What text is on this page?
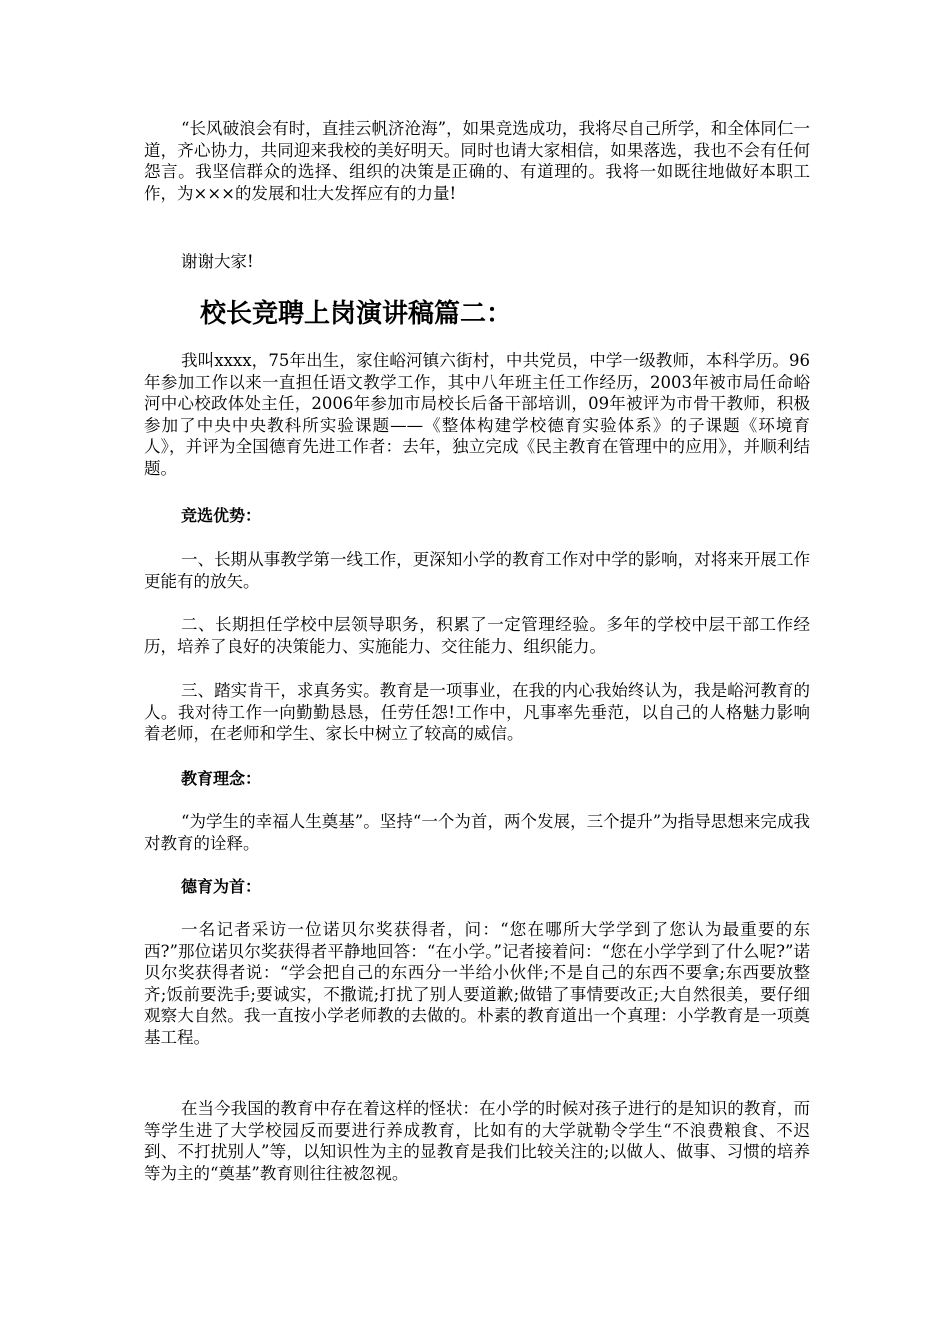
“长风破浪会有时，直挂云帆济沧海”，如果竞选成功，我将尽自己所学，和全体同仁一道，齐心协力，共同迎来我校的美好明天。同时也请大家相信，如果落选，我也不会有任何怨言。我坚信群众的选择、组织的决策是正确的、有道理的。我将一如既往地做好本职工作，为×××的发展和壮大发挥应有的力量!

谢谢大家!

校长竞聘上岗演讲稿篇二：

我叫xxxx，75年出生，家住峪河镇六街村，中共党员，中学一级教师，本科学历。96年参加工作以来一直担任语文教学工作，其中八年班主任工作经历，2003年被市局任命峪河中心校政体处主任，2006年参加市局校长后备干部培训，09年被评为市骨干教师，积极参加了中央中央教科所实验课题——《整体构建学校德育实验体系》的子课题《环境育人》，并评为全国德育先进工作者：去年，独立完成《民主教育在管理中的应用》，并顺利结题。

竞选优势：

一、长期从事教学第一线工作，更深知小学的教育工作对中学的影响，对将来开展工作更能有的放矢。

二、长期担任学校中层领导职务，积累了一定管理经验。多年的学校中层干部工作经历，培养了良好的决策能力、实施能力、交往能力、组织能力。

三、踏实肯干，求真务实。教育是一项事业，在我的内心我始终认为，我是峪河教育的人。我对待工作一向勤勤恳恳，任劳任怨!工作中，凡事率先垂范，以自己的人格魅力影响着老师，在老师和学生、家长中树立了较高的威信。

教育理念：

“为学生的幸福人生奠基”。坚持“一个为首，两个发展，三个提升”为指导思想来完成我对教育的诠释。

德育为首：

一名记者采访一位诺贝尔奖获得者，问：“您在哪所大学学到了您认为最重要的东西?”那位诺贝尔奖获得者平静地回答：“在小学。”记者接着问：“您在小学学到了什么呢?”诺贝尔奖获得者说：“学会把自己的东西分一半给小伙伴;不是自己的东西不要拿;东西要放整齐;饭前要洗手;要诚实，不撒谎;打扰了别人要道歉;做错了事情要改正;大自然很美，要仔细观察大自然。我一直按小学老师教的去做的。朴素的教育道出一个真理：小学教育是一项奠基工程。

在当今我国的教育中存在着这样的怪状：在小学的时候对孩子进行的是知识的教育，而等学生进了大学校园反而要进行养成教育，比如有的大学就勒令学生“不浪费粮食、不迟到、不打扰别人”等，以知识性为主的显教育是我们比较关注的;以做人、做事、习惯的培养等为主的“奠基”教育则往往被忽视。
